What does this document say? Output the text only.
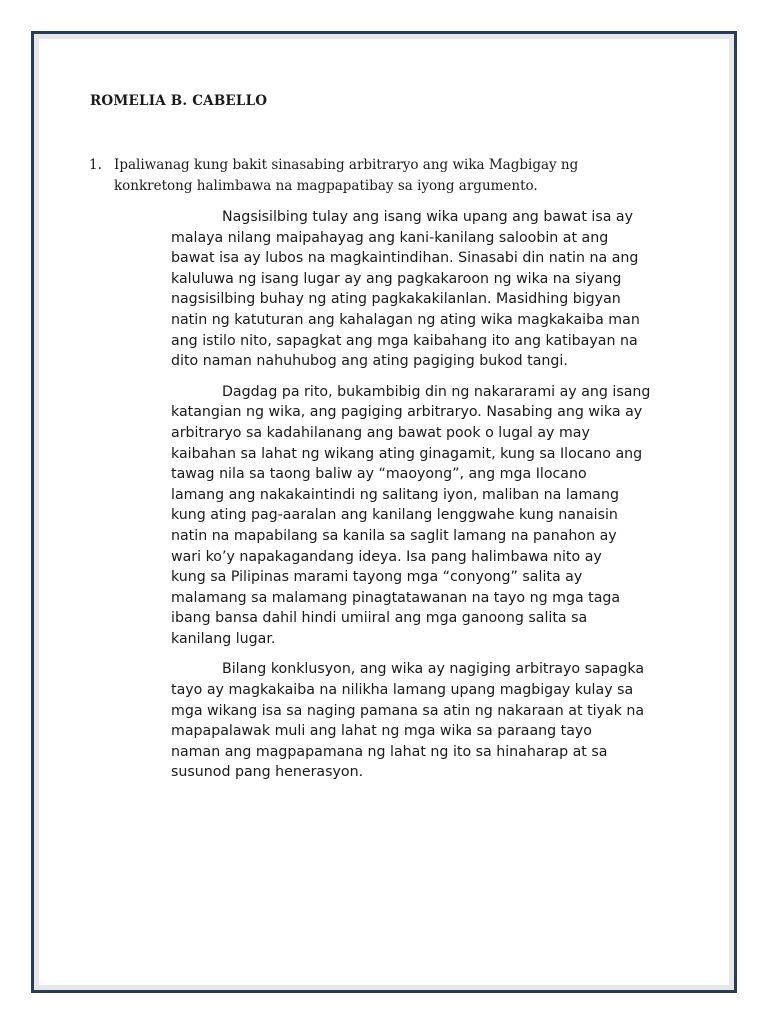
ROMELIA B. CABELLO
1. Ipaliwanag kung bakit sinasabing arbitraryo ang wika Magbigay ng
konkretong halimbawa na magpapatibay sa iyong argumento.

Nagsisilbing tulay ang isang wika upang ang bawat isa ay
malaya nilang maipahayag ang kani-kanilang saloobin at ang
bawat isa ay lubos na magkaintindihan. Sinasabi din natin na ang
kaluluwa ng isang lugar ay ang pagkakaroon ng wika na siyang
nagsisilbing buhay ng ating pagkakakilanlan. Masidhing bigyan
natin ng katuturan ang kahalagan ng ating wika magkakaiba man
ang istilo nito, sapagkat ang mga kaibahang ito ang katibayan na
dito naman nahuhubog ang ating pagiging bukod tangi.

Dagdag pa rito, bukambibig din ng nakararami ay ang isang
katangian ng wika, ang pagiging arbitraryo. Nasabing ang wika ay
arbitraryo sa kadahilanang ang bawat pook o lugal ay may
kaibahan sa lahat ng wikang ating ginagamit, kung sa Ilocano ang
tawag nila sa taong baliw ay “maoyong”, ang mga Ilocano
lamang ang nakakaintindi ng salitang iyon, maliban na lamang
kung ating pag-aaralan ang kanilang lenggwahe kung nanaisin
natin na mapabilang sa kanila sa saglit lamang na panahon ay
wari ko’y napakagandang ideya. Isa pang halimbawa nito ay
kung sa Pilipinas marami tayong mga “conyong” salita ay
malamang sa malamang pinagtatawanan na tayo ng mga taga
ibang bansa dahil hindi umiiral ang mga ganoong salita sa
kanilang lugar.

Bilang konklusyon, ang wika ay nagiging arbitrayo sapagka
tayo ay magkakaiba na nilikha lamang upang magbigay kulay sa
mga wikang isa sa naging pamana sa atin ng nakaraan at tiyak na
mapapalawak muli ang lahat ng mga wika sa paraang tayo
naman ang magpapamana ng lahat ng ito sa hinaharap at sa
susunod pang henerasyon.
